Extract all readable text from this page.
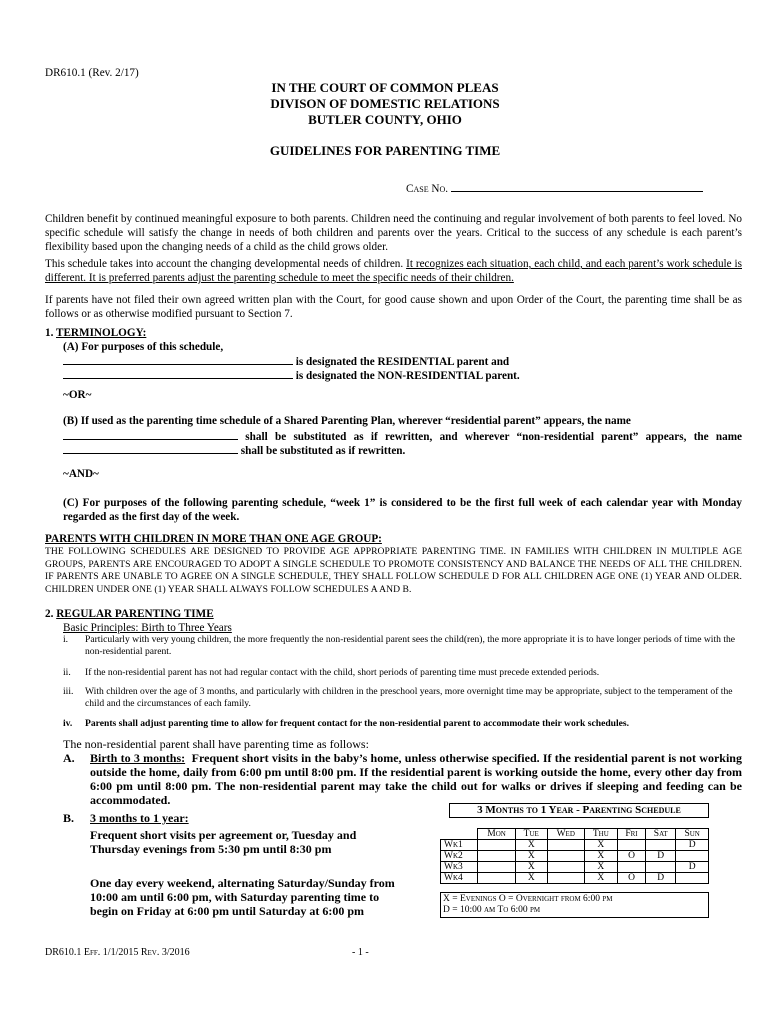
DR610.1 (Rev. 2/17)
IN THE COURT OF COMMON PLEAS
DIVISON OF DOMESTIC RELATIONS
BUTLER COUNTY, OHIO
GUIDELINES FOR PARENTING TIME
Case No.
Children benefit by continued meaningful exposure to both parents. Children need the continuing and regular involvement of both parents to feel loved. No specific schedule will satisfy the change in needs of both children and parents over the years. Critical to the success of any schedule is each parent’s flexibility based upon the changing needs of a child as the child grows older.
This schedule takes into account the changing developmental needs of children. It recognizes each situation, each child, and each parent’s work schedule is different. It is preferred parents adjust the parenting schedule to meet the specific needs of their children.
If parents have not filed their own agreed written plan with the Court, for good cause shown and upon Order of the Court, the parenting time shall be as follows or as otherwise modified pursuant to Section 7.
1. TERMINOLOGY:
(A) For purposes of this schedule,
is designated the RESIDENTIAL parent and
is designated the NON-RESIDENTIAL parent.
~OR~
(B) If used as the parenting time schedule of a Shared Parenting Plan, wherever “residential parent” appears, the name
shall be substituted as if rewritten, and wherever “non-residential parent” appears, the name
shall be substituted as if rewritten.
~AND~
(C) For purposes of the following parenting schedule, “week 1” is considered to be the first full week of each calendar year with Monday regarded as the first day of the week.
PARENTS WITH CHILDREN IN MORE THAN ONE AGE GROUP:
THE FOLLOWING SCHEDULES ARE DESIGNED TO PROVIDE AGE APPROPRIATE PARENTING TIME. IN FAMILIES WITH CHILDREN IN MULTIPLE AGE GROUPS, PARENTS ARE ENCOURAGED TO ADOPT A SINGLE SCHEDULE TO PROMOTE CONSISTENCY AND BALANCE THE NEEDS OF ALL THE CHILDREN. IF PARENTS ARE UNABLE TO AGREE ON A SINGLE SCHEDULE, THEY SHALL FOLLOW SCHEDULE D FOR ALL CHILDREN AGE ONE (1) YEAR AND OLDER. CHILDREN UNDER ONE (1) YEAR SHALL ALWAYS FOLLOW SCHEDULES A AND B.
2. REGULAR PARENTING TIME
Basic Principles: Birth to Three Years
i. Particularly with very young children, the more frequently the non-residential parent sees the child(ren), the more appropriate it is to have longer periods of time with the non-residential parent.
ii. If the non-residential parent has not had regular contact with the child, short periods of parenting time must precede extended periods.
iii. With children over the age of 3 months, and particularly with children in the preschool years, more overnight time may be appropriate, subject to the temperament of the child and the circumstances of each family.
iv. Parents shall adjust parenting time to allow for frequent contact for the non-residential parent to accommodate their work schedules.
The non-residential parent shall have parenting time as follows:
A. Birth to 3 months: Frequent short visits in the baby’s home, unless otherwise specified. If the residential parent is not working outside the home, daily from 6:00 pm until 8:00 pm. If the residential parent is working outside the home, every other day from 6:00 pm until 8:00 pm. The non-residential parent may take the child out for walks or drives if sleeping and feeding can be accommodated.
B. 3 months to 1 year:
Frequent short visits per agreement or, Tuesday and Thursday evenings from 5:30 pm until 8:30 pm
One day every weekend, alternating Saturday/Sunday from 10:00 am until 6:00 pm, with Saturday parenting time to begin on Friday at 6:00 pm until Saturday at 6:00 pm
3 Months to 1 Year - Parenting Schedule
	Mon	Tue	Wed	Thu	Fri	Sat	Sun
Wk1		X		X			D
Wk2		X		X	O	D	
Wk3		X		X			D
Wk4		X		X	O	D	
X = Evenings O = Overnight from 6:00 pm
D = 10:00 am To 6:00 pm
DR610.1 Eff. 1/1/2015 Rev. 3/2016	- 1 -
